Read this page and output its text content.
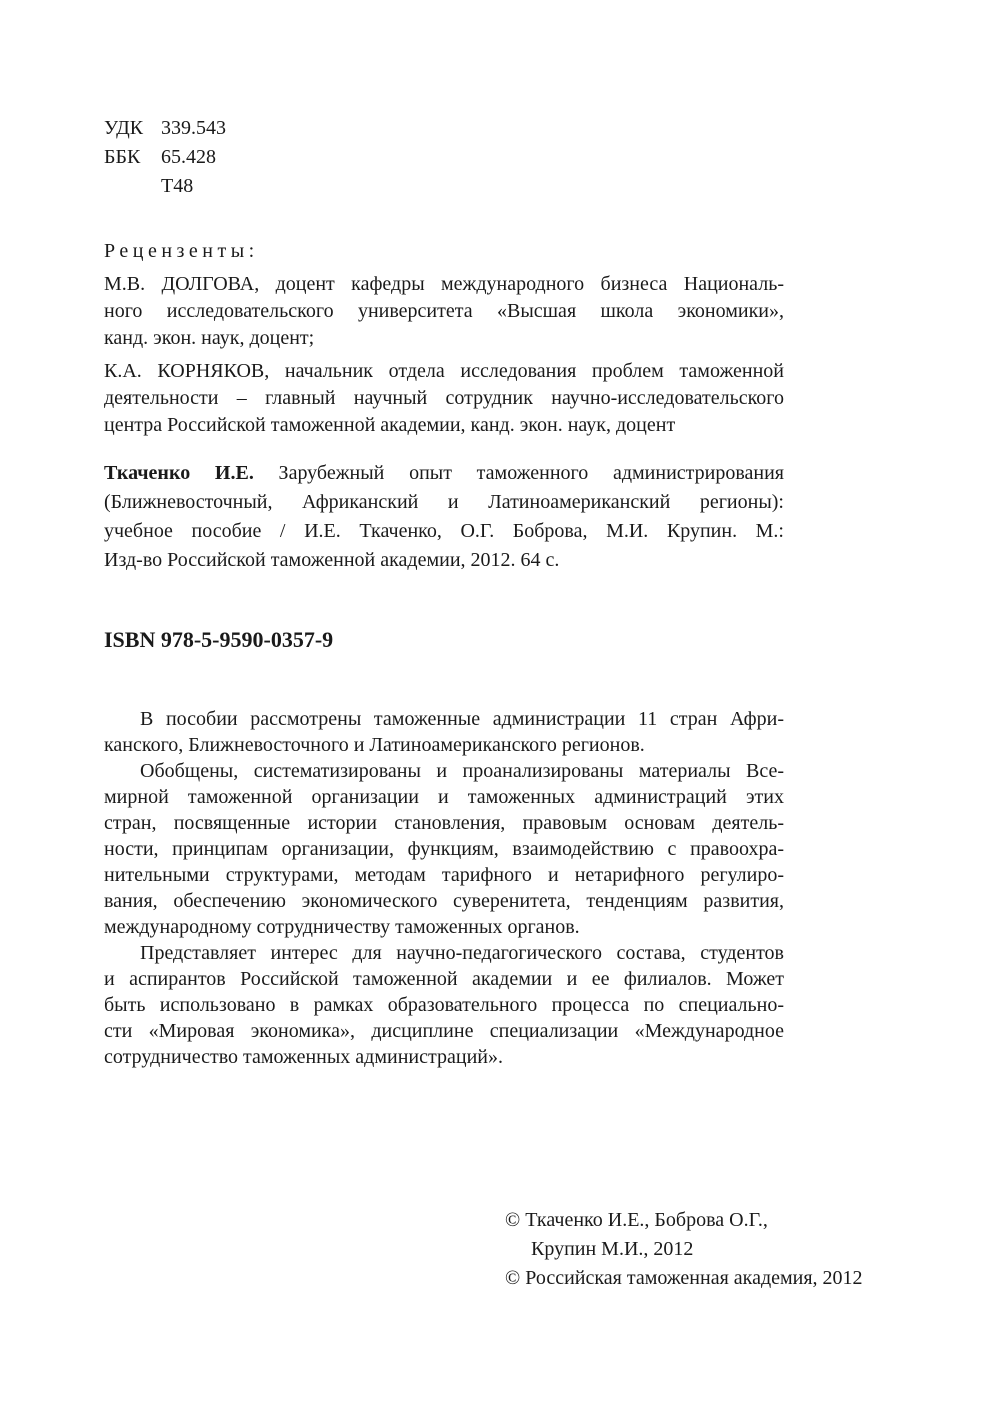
УДК 339.543
ББК	65.428
Т48
Рецензенты:
М.В. ДОЛГОВА, доцент кафедры международного бизнеса Националь-
ного исследовательского университета «Высшая школа экономики»,
канд. экон. наук, доцент;
К.А. КОРНЯКОВ, начальник отдела исследования проблем таможенной
деятельности – главный научный сотрудник научно-исследовательского
центра Российской таможенной академии, канд. экон. наук, доцент
Ткаченко И.Е. Зарубежный опыт таможенного администрирования
(Ближневосточный, Африканский и Латиноамериканский регионы):
учебное пособие / И.Е. Ткаченко, О.Г. Боброва, М.И. Крупин. М.:
Изд-во Российской таможенной академии, 2012. 64 с.
ISBN 978-5-9590-0357-9
В пособии рассмотрены таможенные администрации 11 стран Афри-
канского, Ближневосточного и Латиноамериканского регионов.
Обобщены, систематизированы и проанализированы материалы Все-
мирной таможенной организации и таможенных администраций этих
стран, посвященные истории становления, правовым основам деятель-
ности, принципам организации, функциям, взаимодействию с правоохра-
нительными структурами, методам тарифного и нетарифного регулиро-
вания, обеспечению экономического суверенитета, тенденциям развития,
международному сотрудничеству таможенных органов.
Представляет интерес для научно-педагогического состава, студентов
и аспирантов Российской таможенной академии и ее филиалов. Может
быть использовано в рамках образовательного процесса по специально-
сти «Мировая экономика», дисциплине специализации «Международное
сотрудничество таможенных администраций».
© Ткаченко И.Е., Боброва О.Г.,
Крупин М.И., 2012
© Российская таможенная академия, 2012
